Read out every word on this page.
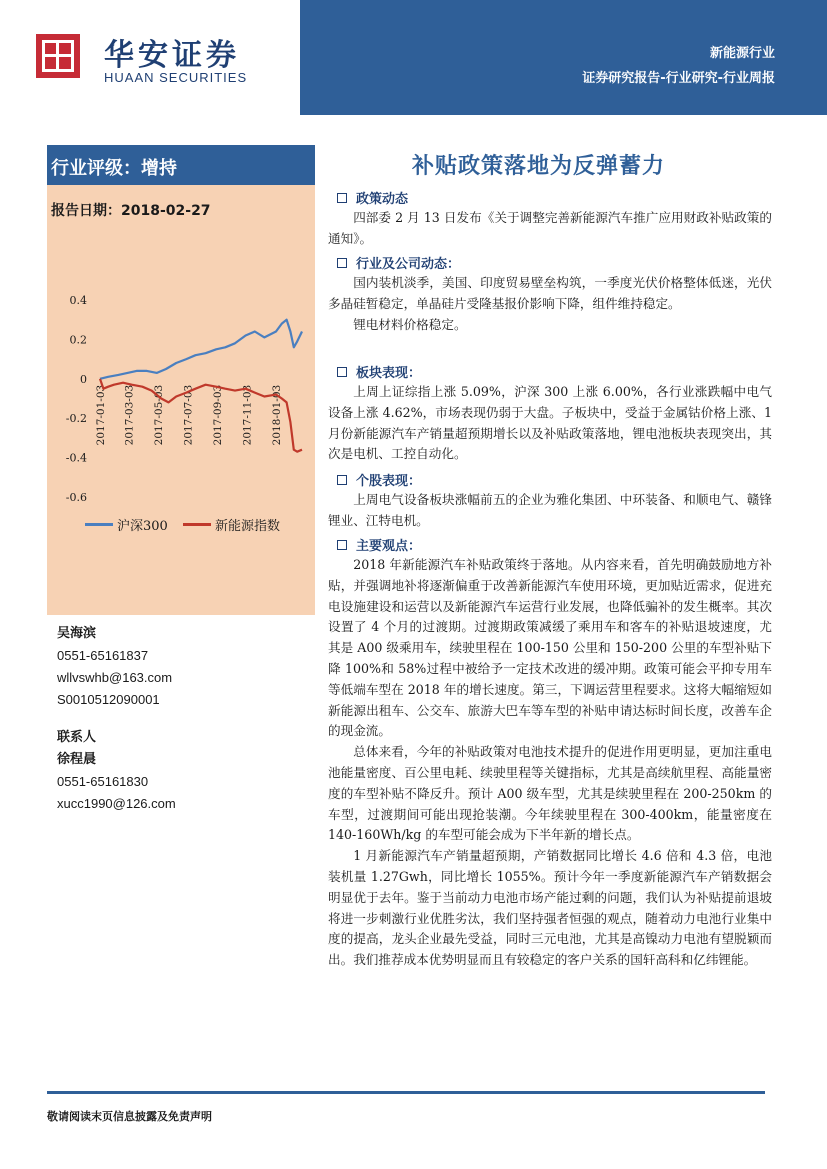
华安证券
HUAAN SECURITIES
新能源行业
证券研究报告-行业研究-行业周报
行业评级：增持
报告日期：2018-02-27
0.4
0.2
0
-0.2
-0.4
-0.6
2017-01-03 2017-03-03 2017-05-03 2017-07-03 2017-09-03 2017-11-03 2018-01-03
沪深300	新能源指数
吴海滨
0551-65161837
wllvswhb@163.com
S0010512090001
联系人
徐程晨
0551-65161830
xucc1990@126.com
补贴政策落地为反弹蓄力
政策动态

四部委 2 月 13 日发布《关于调整完善新能源汽车推广应用财政补贴政策的通知》。

行业及公司动态：

国内装机淡季，美国、印度贸易壁垒构筑，一季度光伏价格整体低迷，光伏多晶硅暂稳定，单晶硅片受隆基报价影响下降，组件维持稳定。

锂电材料价格稳定。

板块表现：

上周上证综指上涨 5.09%，沪深 300 上涨 6.00%，各行业涨跌幅中电气设备上涨 4.62%，市场表现仍弱于大盘。子板块中，受益于金属钴价格上涨、1 月份新能源汽车产销量超预期增长以及补贴政策落地，锂电池板块表现突出，其次是电机、工控自动化。

个股表现：

上周电气设备板块涨幅前五的企业为雅化集团、中环装备、和顺电气、赣锋锂业、江特电机。

主要观点：

2018 年新能源汽车补贴政策终于落地。从内容来看，首先明确鼓励地方补贴，并强调地补将逐渐偏重于改善新能源汽车使用环境，更加贴近需求，促进充电设施建设和运营以及新能源汽车运营行业发展，也降低骗补的发生概率。其次设置了 4 个月的过渡期。过渡期政策减缓了乘用车和客车的补贴退坡速度，尤其是 A00 级乘用车，续驶里程在 100-150 公里和 150-200 公里的车型补贴下降 100%和 58%过程中被给予一定技术改进的缓冲期。政策可能会平抑专用车等低端车型在 2018 年的增长速度。第三，下调运营里程要求。这将大幅缩短如新能源出租车、公交车、旅游大巴车等车型的补贴申请达标时间长度，改善车企的现金流。

总体来看，今年的补贴政策对电池技术提升的促进作用更明显，更加注重电池能量密度、百公里电耗、续驶里程等关键指标，尤其是高续航里程、高能量密度的车型补贴不降反升。预计 A00 级车型，尤其是续驶里程在 200-250km 的车型，过渡期间可能出现抢装潮。今年续驶里程在 300-400km，能量密度在 140-160Wh/kg 的车型可能会成为下半年新的增长点。

1 月新能源汽车产销量超预期，产销数据同比增长 4.6 倍和 4.3 倍，电池装机量 1.27Gwh，同比增长 1055%。预计今年一季度新能源汽车产销数据会明显优于去年。鉴于当前动力电池市场产能过剩的问题，我们认为补贴提前退坡将进一步刺激行业优胜劣汰，我们坚持强者恒强的观点，随着动力电池行业集中度的提高，龙头企业最先受益，同时三元电池，尤其是高镍动力电池有望脱颖而出。我们推荐成本优势明显而且有较稳定的客户关系的国轩高科和亿纬锂能。

敬请阅读末页信息披露及免责声明
